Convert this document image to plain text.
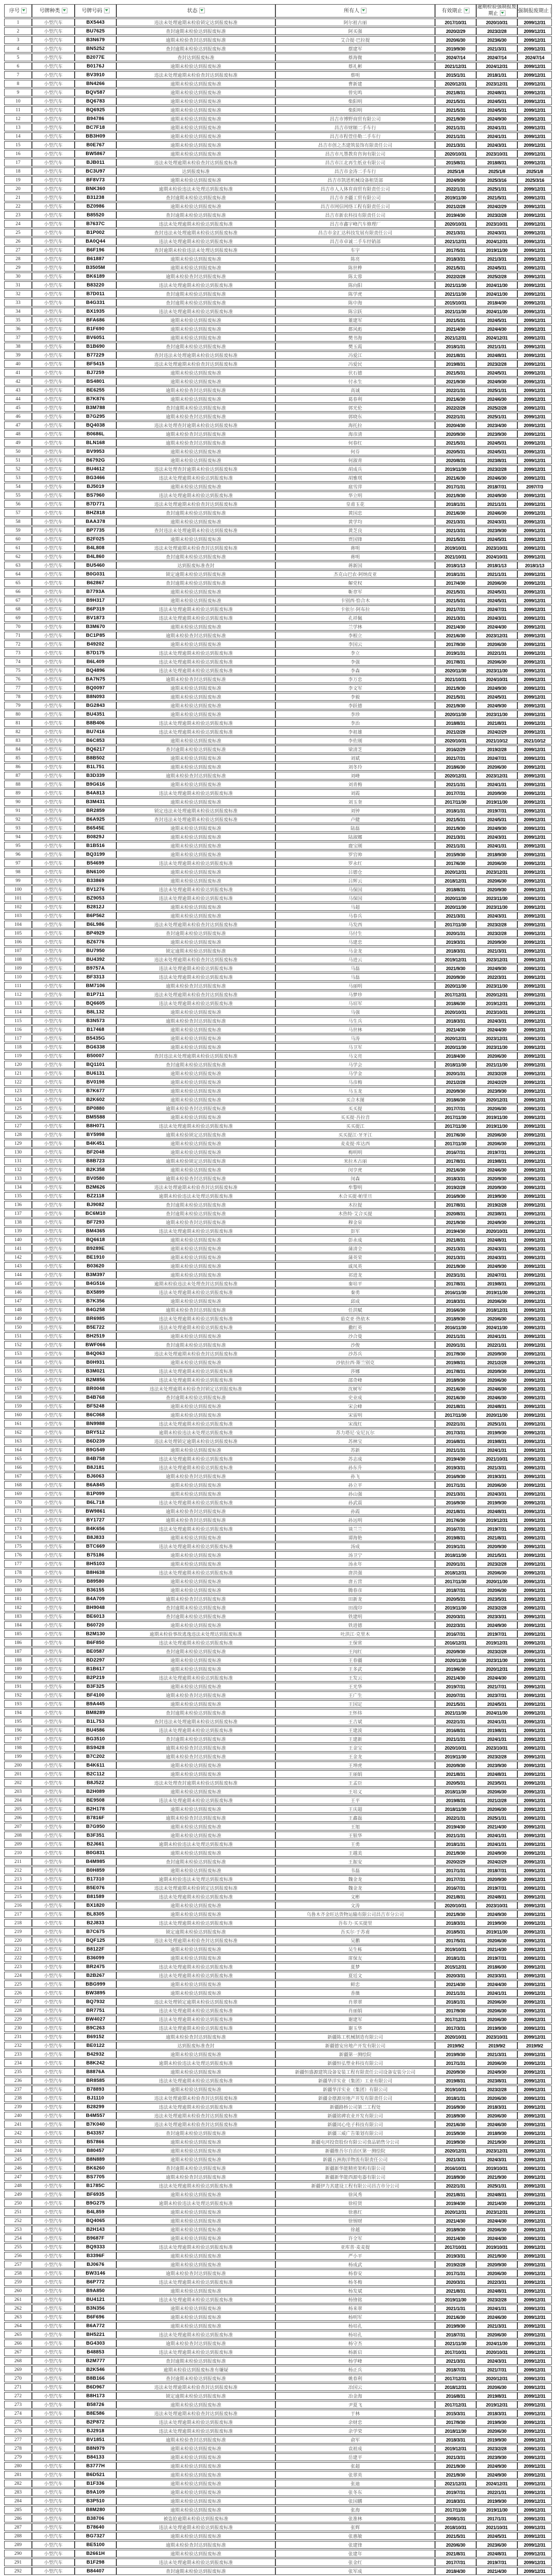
序号	号牌种类	号牌号码	状态	所有人	有效期止	逾期检验强制报废期止	强制报废期止
1	小型汽车	BX5443	违法未处理逾期未检验锁定达到报废标准	阿尔祖古丽	2017/10/31	2020/10/31	2099/12/31
2	小型汽车	BU7625	查封逾期未检验达到报废标准	阿买强	2020/2/29	2023/2/28	2099/12/31
3	小型汽车	B3N679	逾期未检验查封达到报废标准	艾合提·巴拉提	2020/6/30	2023/6/30	2099/12/31
4	小型汽车	BN5252	查封逾期未检验达到报废标准	摆建军	2019/9/30	2021/3/31	2099/12/31
5	小型汽车	B2077E	查封达到报废标准	蔡海微	2024/7/14	2024/7/14	2024/7/14
6	小型汽车	B0176J	逾期未检验达到报废标准	蔡礼彬	2021/12/31	2024/12/31	2099/12/31
7	小型汽车	BV3910	违法未处理逾期未检验查封达到报废标准	蔡明	2015/1/31	2018/1/31	2099/12/31
8	小型汽车	BN4266	逾期未检验达到报废标准	曹新建	2020/12/31	2023/12/31	2099/12/31
9	小型汽车	BQV587	逾期未检验达到报废标准	曾宪鸣	2021/8/31	2024/8/31	2099/12/31
10	小型汽车	BQ6783	逾期未检验达到报废标准	柴阳明	2021/5/31	2024/5/31	2099/12/31
11	小型汽车	BQ6925	逾期未检验达到报废标准	柴阳明	2021/5/31	2024/5/31	2099/12/31
12	小型汽车	B94786	逾期未检验达到报废标准	昌吉市博野商贸有限公司	2021/9/30	2024/9/30	2099/12/31
13	小型汽车	BC7F18	逾期未检验达到报废标准	昌吉市财顺二手车行	2021/1/31	2024/1/31	2099/12/31
14	小型汽车	BB3H09	逾期未检验达到报废标准	昌吉市程萱佳勒二手车行	2021/1/31	2024/1/31	2099/12/31
15	小型汽车	B0E767	逾期未检验达到报废标准	昌吉市创之杰建筑装饰有限责任公司	2021/3/31	2024/3/31	2099/12/31
16	小型汽车	BW5867	逾期未检验达到报废标准	昌吉市凡墨教育咨询有限公司	2020/10/31	2023/10/31	2099/12/31
17	小型汽车	BJB011	违法未处理逾期未检验查封达到报废标准	昌吉市江北再生纸业有限公司	2015/8/31	2018/8/31	2099/12/31
18	小型汽车	BC3U97	达到报废标准	昌吉市金涛二手车行	2025/1/8	2025/1/8	2025/1/8
19	小型汽车	BF8V73	逾期未检验达到报废标准	昌吉市凯恩机械设备租赁部	2024/9/30	2025/3/16	2025/3/16
20	小型汽车	BNK360	逾期未检验违法未处理达到报废标准	昌吉市人人体育商贸有限责任公司	2022/1/31	2025/1/31	2099/12/31
21	小型汽车	B31238	查封逾期未检验达到报废标准	昌吉市圣疆工贸有限公司	2019/11/30	2021/5/31	2099/12/31
22	小型汽车	BZ0986	逾期未检验达到报废标准	昌吉市网信网络工程有限责任公司	2021/2/28	2024/2/29	2099/12/31
23	小型汽车	B85520	查封逾期未检验达到报废标准	昌吉市新农科技有限责任公司	2019/4/30	2023/2/28	2099/12/31
24	小型汽车	B7637C	违法未处理逾期未检验达到报废标准	昌吉市鑫宇峰汽车修理厂	2020/10/31	2023/10/31	2099/12/31
25	小型汽车	B1P002	查封违法未处理逾期未检验达到报废标准	昌吉市金汇达科技发展有限责任公司	2021/3/31	2024/3/31	2099/12/31
26	小型汽车	BA0Q44	违法未处理逾期未检验达到报废标准	昌吉市卓诚二手车经销部	2021/12/31	2024/12/31	2099/12/31
27	小型汽车	B6F196	查封逾期未检验违法未处理达到报废标准	车宇	2017/5/31	2019/11/30	2099/12/31
28	小型汽车	B61887	逾期未检验达到报废标准	陈亮	2018/3/31	2021/3/31	2099/12/31
29	小型汽车	B3505M	逾期未检验达到报废标准	陈世桦	2021/5/31	2024/5/31	2099/12/31
30	小型汽车	BK6189	逾期未检验查封达到报废标准	陈太蓉	2022/2/28	2025/2/28	2099/12/31
31	小型汽车	B83220	违法未处理逾期未检验达到报废标准	陈向阳	2021/11/30	2024/11/30	2099/12/31
32	小型汽车	B7D011	查封逾期未检验达到报废标准	陈学虎	2021/11/30	2024/11/30	2099/12/31
33	小型汽车	B4G331	查封逾期未检验达到报废标准	陈中海	2015/10/31	2018/4/30	2099/12/31
34	小型汽车	BX1935	违法未处理逾期未检验达到报废标准	陈宗跃	2021/11/30	2024/11/30	2099/12/31
35	小型汽车	BFA686	逾期未检验达到报废标准	董建军	2021/5/31	2024/5/31	2099/12/31
36	小型汽车	B1F690	逾期未检验达到报废标准	都风彪	2021/4/30	2024/4/30	2099/12/31
37	小型汽车	BV6051	逾期未检验达到报废标准	樊书海	2021/12/31	2024/12/31	2099/12/31
38	小型汽车	B1B690	查封逾期未检验达到报废标准	樊玉霞	2018/1/31	2021/1/31	2099/12/31
39	小型汽车	B77229	查封违法未处理逾期未检验达到报废标准	冯爱江	2021/8/31	2024/8/31	2099/12/31
40	小型汽车	BF5415	违法未处理逾期未检验查封达到报废标准	冯爱民	2019/8/31	2023/2/28	2099/12/31
41	小型汽车	BJ7259	逾期未检验达到报废标准	伏石德	2021/5/31	2024/5/31	2099/12/31
42	小型汽车	BS4801	逾期未检验达到报废标准	付永生	2021/9/30	2024/9/30	2099/12/31
43	小型汽车	BE6255	逾期未检验查封达到报废标准	高诚	2022/1/31	2025/1/31	2099/12/31
44	小型汽车	B7K876	逾期未检验达到报废标准	葛春利	2021/6/30	2024/6/30	2099/12/31
45	小型汽车	B3M788	查封逾期未检验达到报废标准	郭光伦	2022/2/28	2025/2/28	2099/12/31
46	小型汽车	B7G295	逾期未检验查封达到报废标准	郭晓东	2022/1/31	2025/1/31	2099/12/31
47	小型汽车	BQ4038	违法未处理查封逾期未检验达到报废标准	海托拉	2020/4/30	2023/4/30	2099/12/31
48	小型汽车	B0686L	逾期未检验查封达到报废标准	海彦清	2020/9/30	2023/9/30	2099/12/31
49	小型汽车	BLN168	逾期未检验查封达到报废标准	何春红	2021/5/31	2024/5/31	2099/12/31
50	小型汽车	BV9953	逾期未检验达到报废标准	何芬	2020/5/31	2024/5/31	2099/12/31
51	小型汽车	B6792G	逾期未检验达到报废标准	何淑青	2020/8/31	2023/8/31	2099/12/31
52	小型汽车	BU4612	违法未处理查封逾期未检验达到报废标准	胡成兵	2019/11/30	2023/2/28	2099/12/31
53	小型汽车	BG3466	违法未处理逾期未检验达到报废标准	胡雅琪	2021/6/30	2024/6/30	2099/12/31
54	小型汽车	BJ5019	逾期未检验达到报废标准	扈雪萍	2017/1/31	2018/7/31	2097/7/3
55	小型汽车	BS7960	违法未处理逾期未检验达到报废标准	华立明	2021/9/30	2024/9/30	2099/12/31
56	小型汽车	B7D771	违法未处理逾期未检验查封达到报废标准	皇甫玉花	2018/1/31	2021/1/31	2099/12/31
57	小型汽车	BHZ818	查封逾期未检验达到报废标准	黄国忠	2021/6/30	2024/6/30	2099/12/31
58	小型汽车	BAA378	逾期未检验达到报废标准	黄学均	2021/3/31	2024/3/31	2099/12/31
59	小型汽车	BP7735	查封违法未处理逾期未检验达到报废标准	黄芝良	2021/3/31	2023/9/30	2099/12/31
60	小型汽车	B2F025	逾期未检验达到报废标准	贾国锋	2021/5/31	2024/5/31	2099/12/31
61	小型汽车	B4L808	违法未处理逾期未检验查封达到报废标准	蒋明	2019/10/31	2023/10/31	2099/12/31
62	小型汽车	B4L860	查封逾期未检验达到报废标准	蒋明	2021/10/31	2024/10/31	2099/12/31
63	小型汽车	BU5460	达到报废标准查封	蒋新国	2018/1/13	2018/1/13	2018/1/13
64	小型汽车	B0G031	锁定逾期未检验达到报废标准	杰克山巴农·阿纳皮亚	2018/1/31	2021/1/31	2099/12/31
65	小型汽车	B62867	查封逾期未检验达到报废标准	解党权	2017/4/30	2020/6/30	2099/12/31
66	小型汽车	B7793A	逾期未检验达到报废标准	靳章军	2021/5/31	2024/5/31	2099/12/31
67	小型汽车	B9H317	逾期未检验达到报废标准	卡别西·恰合木	2021/5/31	2024/5/31	2099/12/31
68	小型汽车	B6P319	违法未处理逾期未检验达到报废标准	卡依尔·阿布拉	2021/7/31	2024/7/31	2099/12/31
69	小型汽车	BV1873	违法未处理逾期未检验达到报废标准	孔祥佩	2021/3/31	2024/3/31	2099/12/31
70	小型汽车	B3M670	逾期未检验达到报废标准	兰学林	2021/4/30	2024/4/30	2099/12/31
71	小型汽车	BC1P85	逾期未检验查封达到报废标准	李根立	2021/6/30	2023/12/31	2099/12/31
72	小型汽车	B49202	逾期未检验达到报废标准	李国云	2017/9/30	2020/6/30	2099/12/31
73	小型汽车	B7D175	违法未处理逾期未检验达到报废标准	李立	2019/1/31	2022/1/31	2099/12/31
74	小型汽车	B6L409	违法未处理逾期未检验达到报废标准	李强	2017/8/31	2020/6/30	2099/12/31
75	小型汽车	BQ4896	违法未处理逾期未检验达到报废标准	李森	2020/11/30	2023/11/30	2099/12/31
76	小型汽车	BA7N75	逾期未检验查封达到报废标准	李万忠	2021/10/31	2024/10/31	2099/12/31
77	小型汽车	BQ0097	逾期未检验达到报废标准	李文军	2021/9/30	2024/9/30	2099/12/31
78	小型汽车	B8N093	逾期未检验达到报废标准	李毅	2021/5/31	2024/5/31	2099/12/31
79	小型汽车	BG2843	逾期未检验达到报废标准	李跃德	2021/9/30	2024/9/30	2099/12/31
80	小型汽车	BU4351	逾期未检验达到报废标准	李珍	2020/11/30	2023/11/30	2099/12/31
81	小型汽车	B8B406	违法未处理逾期未检验达到报废标准	李治	2018/8/31	2021/8/31	2099/12/31
82	小型汽车	BU7416	违法未处理逾期未检验达到报废标准	李祖雄	2021/2/28	2024/2/29	2099/12/31
83	小型汽车	B6C853	逾期未检验达到报废标准	李佐刚	2020/10/31	2021/10/12	2021/10/12
84	小型汽车	BQ6217	查封逾期未检验达到报废标准	梁清芝	2016/2/29	2019/2/28	2099/12/31
85	小型汽车	B8B502	逾期未检验达到报废标准	刘斌	2021/7/31	2024/7/31	2099/12/31
86	小型汽车	B1L751	逾期未检验达到报废标准	刘冬玲	2018/6/30	2020/6/30	2099/12/31
87	小型汽车	B3D339	逾期未检验查封达到报废标准	刘峰	2020/12/31	2023/12/31	2099/12/31
88	小型汽车	B9G616	逾期未检验达到报废标准	刘青梅	2021/1/31	2024/1/31	2099/12/31
89	小型汽车	B4A813	违法未处理逾期未检验达到报废标准	刘霞	2017/7/31	2020/9/30	2099/12/31
90	小型汽车	B3M431	逾期未检验达到报废标准	刘玉奎	2017/11/30	2019/11/30	2099/12/31
91	小型汽车	BR2859	锁定违法未处理逾期未检验达到报废标准	刘钟	2018/1/31	2019/7/31	2099/12/31
92	小型汽车	B6A925	查封违法未处理逾期未检验达到报废标准	卢健	2021/5/31	2024/5/31	2099/12/31
93	小型汽车	B6545E	逾期未检验达到报废标准	陆磊	2021/9/30	2024/9/30	2099/12/31
94	小型汽车	B0829J	逾期未检验达到报废标准	陆淑娜	2021/3/31	2024/3/31	2099/12/31
95	小型汽车	B1B516	逾期未检验达到报废标准	鹿宝刚	2021/1/31	2024/1/31	2099/12/31
96	小型汽车	BQ3199	逾期未检验达到报废标准	罗官帅	2015/9/30	2018/9/30	2099/12/31
97	小型汽车	B54699	违法未处理逾期未检验达到报废标准	罗永红	2017/6/30	2020/6/30	2099/12/31
98	小型汽车	BN6100	逾期未检验达到报废标准	吕德仓	2020/12/31	2023/12/31	2099/12/31
99	小型汽车	B33869	逾期未检验达到报废标准	吕辉云	2018/12/31	2020/6/30	2099/12/31
100	小型汽车	BV1276	违法未处理逾期未检验达到报废标准	马保国	2018/8/31	2020/9/30	2099/12/31
101	小型汽车	BZ9053	违法未处理逾期未检验达到报废标准	马保国	2020/11/30	2023/11/30	2099/12/31
102	小型汽车	B2812J	逾期未检验达到报废标准	马超	2020/11/30	2023/11/30	2099/12/31
103	小型汽车	B6P562	逾期未检验达到报废标准	马春兵	2021/3/31	2024/3/31	2099/12/31
104	小型汽车	B6L986	违法未处理逾期未检验查封达到报废标准	马发西	2017/11/30	2023/2/28	2099/12/31
105	小型汽车	BP4929	查封逾期未检验达到报废标准	马付生	2020/1/31	2023/2/28	2099/12/31
106	小型汽车	BZ6776	逾期未检验达到报废标准	马建忠	2019/3/31	2020/9/30	2099/12/31
107	小型汽车	BU7950	锁定逾期未检验达到报废标准	马金龙	2018/3/31	2021/3/31	2099/12/31
108	小型汽车	BU4392	违法未处理逾期未检验查封达到报废标准	马进云	2019/12/31	2023/12/31	2099/12/31
109	小型汽车	B9757A	违法未处理逾期未检验达到报废标准	马磊	2021/9/30	2024/9/30	2099/12/31
110	小型汽车	BF3313	违法未处理逾期未检验达到报废标准	马磊	2020/9/30	2022/3/31	2099/12/31
111	小型汽车	BM7106	逾期未检验查封达到报废标准	马丽明	2020/11/30	2023/11/30	2099/12/31
112	小型汽车	B1P711	违法未处理逾期未检验查封达到报废标准	马梦珍	2017/12/31	2020/12/31	2099/12/31
113	小型汽车	BQ6605	违法未处理逾期未检验达到报废标准	马培军	2018/6/30	2019/12/31	2099/12/31
114	小型汽车	B8L132	逾期未检验达到报废标准	马强	2020/10/31	2023/10/31	2099/12/31
115	小型汽车	B3N573	逾期未检验查封达到报废标准	马生兵	2018/3/31	2024/3/31	2099/12/31
116	小型汽车	B17468	逾期未检验达到报废标准	马世林	2021/4/30	2024/4/30	2099/12/31
117	小型汽车	B5435G	逾期未检验达到报废标准	马涛	2020/12/31	2023/12/31	2099/12/31
118	小型汽车	BG6338	逾期未检验达到报废标准	马卫军	2020/11/30	2023/11/30	2099/12/31
119	小型汽车	B50007	查封违法未处理逾期未检验达到报废标准	马文亮	2018/4/30	2020/6/30	2099/12/31
120	小型汽车	BQ1101	查封逾期未检验达到报废标准	马学会	2018/11/30	2021/11/30	2099/12/31
121	小型汽车	BU6131	逾期未检验达到报废标准	马学金	2020/1/31	2023/2/28	2099/12/31
122	小型汽车	BV0198	逾期未检验达到报废标准	马彦梅	2021/2/28	2024/2/29	2099/12/31
123	小型汽车	B7K677	逾期未检验达到报废标准	马玉龙	2020/9/30	2023/9/30	2099/12/31
124	小型汽车	B2K602	逾期未检验达到报废标准	买合木图	2018/6/30	2020/12/31	2099/12/31
125	小型汽车	BP0880	逾期未检验查封达到报废标准	买买提	2017/7/31	2020/6/30	2099/12/31
126	小型汽车	BM5588	逾期未检验达到报废标准	买买提·吾拉音	2017/11/30	2019/11/30	2099/12/31
127	小型汽车	B8H071	违法未处理逾期未检验达到报废标准	买买提江	2017/11/30	2019/11/30	2099/12/31
128	小型汽车	BY5998	逾期未检验锁定达到报废标准	买买提江·牙牙江	2017/6/30	2020/6/30	2099/12/31
129	小型汽车	B4K451	逾期未检验达到报废标准	麦麦提·库达西	2017/11/30	2020/6/30	2099/12/31
130	小型汽车	BF2048	逾期未检验达到报废标准	梅明明	2016/7/31	2019/7/31	2099/12/31
131	小型汽车	B8B723	逾期未检验锁定达到报废标准	米拉木古丽	2017/8/31	2019/8/31	2099/12/31
132	小型汽车	B2K358	逾期未检验达到报废标准	闵亨虎	2021/6/30	2024/6/30	2099/12/31
133	小型汽车	BV0580	逾期未检验查封达到报废标准	闵森	2018/3/31	2020/9/30	2099/12/31
134	小型汽车	B2M626	违法未处理逾期未检验查封达到报废标准	牟黎明	2019/2/28	2020/9/30	2099/12/31
135	小型汽车	BZ2118	逾期未检验违法未处理达到报废标准	木合买提·帕里旦	2016/9/30	2019/9/30	2099/12/31
136	小型汽车	BJ9082	查封逾期未检验达到报废标准	木拉提	2017/8/31	2019/2/28	2099/12/31
137	小型汽车	BC6M10	查封逾期未检验达到报废标准	木热特·艾合买提	2020/8/31	2023/8/31	2099/12/31
138	小型汽车	BF7293	逾期未检验查封达到报废标准	穆金泉	2021/9/30	2024/9/30	2099/12/31
139	小型汽车	BM4365	违法未处理逾期未检验达到报废标准	彭军	2019/4/30	2020/10/31	2099/12/31
140	小型汽车	BQ6618	逾期未检验达到报废标准	彭永成	2021/8/31	2024/8/31	2099/12/31
141	小型汽车	B9289E	逾期未检验达到报废标准	蒲清全	2021/3/31	2024/3/31	2099/12/31
142	小型汽车	BE1910	逾期未检验达到报废标准	蒲英荣	2021/3/31	2024/3/31	2099/12/31
143	小型汽车	B03620	逾期未检验达到报废标准	戚凤英	2021/9/30	2024/9/30	2099/12/31
144	小型汽车	B3M397	逾期未检验达到报废标准	祁进龙	2023/1/31	2024/7/31	2099/12/31
145	小型汽车	B4G516	逾期未检验违法未处理查封达到报废标准	秦培平	2017/8/31	2019/8/31	2099/12/31
146	小型汽车	BX5899	违法未处理逾期未检验达到报废标准	秦勇	2016/11/30	2019/11/30	2099/12/31
147	小型汽车	B7K356	逾期未检验达到报废标准	邱成	2018/3/31	2020/6/30	2099/12/31
148	小型汽车	B4G258	逾期未检验查封达到报废标准	任洪赋	2016/6/30	2018/12/31	2099/12/31
149	小型汽车	BR6985	违法未处理逾期未检验达到报废标准	茹克亚·热依木	2018/9/30	2020/6/30	2099/12/31
150	小型汽车	B5E722	违法未处理逾期未检验达到报废标准	撒红英	2016/11/30	2024/11/30	2099/12/31
151	小型汽车	BH2519	逾期未检验达到报废标准	沙合曼	2021/1/31	2024/1/31	2099/12/31
152	小型汽车	BWF066	查封逾期未检验达到报废标准	沙俊	2020/1/31	2022/1/31	2099/12/31
153	小型汽车	B4Q063	违法未处理逾期未检验查封达到报废标准	沙苏兵	2017/9/30	2020/9/30	2099/12/31
154	小型汽车	B0H931	逾期未检验达到报废标准	沙依拉西·斯兰别克	2019/8/31	2021/2/28	2099/12/31
155	小型汽车	B3M021	违法未处理逾期未检验达到报废标准	莎娜	2017/8/31	2020/9/30	2099/12/31
156	小型汽车	B2M856	违法未处理逾期未检验达到报废标准	邵奇峰	2018/9/30	2020/6/30	2099/12/31
157	小型汽车	BR0048	违法未处理逾期未检验查封锁定达到报废标准	沈树军	2021/6/30	2024/6/30	2099/12/31
158	小型汽车	B4B768	查封逾期未检验达到报废标准	史业成	2021/6/30	2024/6/30	2099/12/31
159	小型汽车	BF5248	逾期未检验达到报废标准	宋会峰	2021/8/31	2024/8/31	2099/12/31
160	小型汽车	B6C068	逾期未检验达到报废标准	宋雷明	2017/11/30	2020/11/30	2099/12/31
161	小型汽车	BN9988	违法未处理逾期未检验达到报废标准	宋战红	2022/1/31	2025/1/31	2099/12/31
162	小型汽车	BRY512	逾期未检验违法未处理达到报废标准	苏力塔尼·安尼瓦尔	2017/3/31	2019/9/30	2099/12/31
163	小型汽车	B6D239	违法未处理锁定逾期未检验达到报废标准	苏林宝	2016/8/31	2019/8/31	2099/12/31
164	小型汽车	B9G549	逾期未检验达到报废标准	苏新	2021/1/31	2024/1/31	2099/12/31
165	小型汽车	B4B758	违法未处理逾期未检验达到报废标准	苏志成	2019/4/30	2021/10/31	2099/12/31
166	小型汽车	B8J181	违法未处理逾期未检验达到报废标准	孙东升	2019/3/31	2021/3/31	2099/12/31
167	小型汽车	BJ6063	逾期未检验查封达到报废标准	孙飞	2016/9/30	2019/3/31	2099/12/31
168	小型汽车	B6A845	逾期未检验达到报废标准	孙立平	2017/1/31	2020/6/30	2099/12/31
169	小型汽车	B1P099	逾期未检验达到报废标准	孙山强	2021/3/31	2024/3/31	2099/12/31
170	小型汽车	B6L718	违法未处理逾期未检验达到报废标准	孙武震	2016/9/30	2019/9/30	2099/12/31
171	小型汽车	BW9861	逾期未检验查封达到报废标准	孙霞	2021/8/31	2024/8/31	2099/12/31
172	小型汽车	BY1727	逾期未检验查封达到报废标准	孙远明	2017/6/30	2019/12/31	2099/12/31
173	小型汽车	B4K656	违法未处理逾期未检验达到报废标准	谈兰兰	2016/7/31	2019/7/31	2099/12/31
174	小型汽车	B8J833	逾期未检验达到报废标准	谭海艳	2019/8/31	2021/8/31	2099/12/31
175	小型汽车	BTC669	违法未处理逾期未检验达到报废标准	汤成	2019/1/31	2020/9/30	2099/12/31
176	小型汽车	B75186	逾期未检验达到报废标准	汤卫宁	2018/11/30	2021/5/31	2099/12/31
177	小型汽车	BH5103	逾期未检验达到报废标准	汤永年	2020/1/31	2023/2/28	2099/12/31
178	小型汽车	B8H638	违法未处理逾期未检验达到报废标准	唐洪强	2018/12/31	2020/6/30	2099/12/31
179	小型汽车	B89580	逾期未检验达到报废标准	唐五营	2017/11/30	2020/11/30	2099/12/31
180	小型汽车	B36155	逾期未检验达到报废标准	腾春彦	2018/7/31	2020/6/30	2099/12/31
181	小型汽车	B4A709	逾期未检验查封达到报废标准	田新龙	2020/5/31	2023/5/31	2099/12/31
182	小型汽车	BH9048	查封逾期未检验达到报废标准	田战印	2019/11/30	2023/2/28	2099/12/31
183	小型汽车	BE6013	查封逾期未检验达到报废标准	铁建明	2020/3/31	2023/3/31	2099/12/31
184	小型汽车	B60720	逾期未检验达到报废标准	铁进德	2022/3/31	2024/9/30	2099/12/31
185	小型汽车	B2M130	逾期未检验事故逃逸违法未处理达到报废标准	吐洪江·克里木	2016/7/31	2019/7/31	2099/12/31
186	小型汽车	B6F850	违法未处理逾期未检验达到报废标准	王保常	2016/12/31	2019/12/31	2099/12/31
187	小型汽车	BE0587	查封逾期未检验达到报废标准	王闯红	2020/9/30	2023/2/28	2099/12/31
188	小型汽车	BD2297	逾期未检验达到报废标准	王春疆	2020/11/30	2023/11/30	2099/12/31
189	小型汽车	B1B617	逾期未检验达到报废标准	王多武	2019/6/30	2020/12/31	2099/12/31
190	小型汽车	B2P219	违法未处理逾期未检验达到报废标准	王发云	2021/4/30	2024/4/30	2099/12/31
191	小型汽车	B3F325	逾期未检验达到报废标准	王光华	2019/7/31	2021/7/31	2099/12/31
192	小型汽车	BF4100	逾期未检验查封达到报废标准	王广生	2020/7/31	2023/7/31	2099/12/31
193	小型汽车	B9A445	逾期未检验达到报废标准	王国定	2021/5/31	2024/5/31	2099/12/31
194	小型汽车	BM8289	查封逾期未检验达到报废标准	王怀炜	2021/11/30	2024/11/30	2099/12/31
195	小型汽车	B1L753	查封违法未处理逾期未检验达到报废标准	王吉斌	2022/1/31	2024/1/31	2099/12/31
196	小型汽车	BU4586	违法未处理逾期未检验达到报废标准	王建波	2016/8/31	2019/8/31	2099/12/31
197	小型汽车	BG3510	查封逾期未检验达到报废标准	王建新	2021/1/31	2024/1/31	2099/12/31
198	小型汽车	BS9428	逾期未检验查封达到报废标准	王金宝	2020/10/31	2023/10/31	2099/12/31
199	小型汽车	B7C202	逾期未检验查封达到报废标准	王金龙	2019/11/30	2023/2/28	2099/12/31
200	小型汽车	B4K611	逾期未检验达到报废标准	王坤虎	2020/9/30	2023/9/30	2099/12/31
201	小型汽车	B2C112	逾期未检验达到报废标准	王丽娟	2021/8/31	2024/8/31	2099/12/31
202	小型汽车	B8J522	违法未处理查封逾期未检验达到报废标准	王孟臣	2020/5/31	2023/5/31	2099/12/31
203	小型汽车	B2H089	逾期未检验达到报废标准	王培义	2018/11/30	2020/6/30	2099/12/31
204	小型汽车	BE9508	违法未处理逾期未检验达到报废标准	王平	2019/8/31	2021/2/28	2099/12/31
205	小型汽车	B2H178	逾期未检验达到报废标准	王庆超	2018/11/30	2020/6/30	2099/12/31
206	小型汽车	B7816F	逾期未检验查封达到报废标准	王鑫磊	2022/1/31	2025/1/31	2099/12/31
207	小型汽车	B7G950	逾期未检验达到报废标准	王旭	2019/4/30	2021/4/30	2099/12/31
208	小型汽车	B3F351	逾期未检验达到报废标准	王银华	2021/1/31	2024/1/31	2099/12/31
209	小型汽车	B2J661	逾期未检验违法未处理达到报废标准	王勇	2018/1/31	2024/1/31	2099/12/31
210	小型汽车	B0G831	逾期未检验达到报废标准	王越美	2021/9/30	2024/9/30	2099/12/31
211	小型汽车	B4M985	查封逾期未检验达到报废标准	王振安	2020/2/29	2024/2/29	2099/12/31
212	小型汽车	B0H859	逾期未检验达到报废标准	韦磊	2017/1/31	2018/7/31	2099/12/31
213	小型汽车	B17310	逾期未检验违法未处理达到报废标准	魏金龙	2017/7/31	2020/9/30	2099/12/31
214	小型汽车	B5E076	违法未处理逾期未检验锁定达到报废标准	魏金龙	2016/7/31	2019/7/31	2099/12/31
215	小型汽车	B81589	违法未处理逾期未检验达到报废标准	文彬	2021/8/31	2024/8/31	2099/12/31
216	小型汽车	BX1820	逾期未检验达到报废标准	文涛	2020/10/31	2023/10/31	2099/12/31
217	小型汽车	BL8305	逾期未检验达到报废标准	乌鲁木齐金旺达货物运输有限公司昌吉市分公司	2021/9/30	2024/9/30	2099/12/31
218	小型汽车	B2J833	违法未处理逾期未检验达到报废标准	吾布力·买买提里	2018/3/31	2019/9/30	2099/12/31
219	小型汽车	B7C675	锁定逾期未检验达到报废标准	吾买尔·于苏甫	2018/5/31	2019/11/30	2099/12/31
220	小型汽车	BQF125	违法未处理逾期未检验查封达到报废标准	吴鹏	2017/5/31	2020/6/30	2099/12/31
221	小型汽车	B8122F	逾期未检验达到报废标准	吴生栋	2019/10/31	2021/4/30	2099/12/31
222	小型汽车	B36099	逾期未检验达到报废标准	席保友	2018/1/31	2019/7/31	2099/12/31
223	小型汽车	BR2475	违法未处理逾期未检验达到报废标准	夏梦	2015/12/31	2018/6/30	2099/12/31
224	小型汽车	B2B267	违法未处理逾期未检验达到报废标准	夏廷文	2020/3/31	2023/3/31	2099/12/31
225	小型汽车	BBG999	逾期未检验达到报废标准	鲜忠	2021/4/30	2024/4/30	2099/12/31
226	小型汽车	BW3895	逾期未检验达到报废标准	香薇	2021/1/31	2024/1/31	2099/12/31
227	小型汽车	BQ7932	违法未处理锁定逾期未检验达到报废标准	肖翠翠	2018/1/31	2020/6/30	2099/12/31
228	小型汽车	BR7751	违法未处理逾期未检验达到报废标准	肖丽娟	2017/9/30	2020/6/30	2099/12/31
229	小型汽车	BW4027	违法未处理逾期未检验达到报废标准	谢建军	2017/12/31	2020/6/30	2099/12/31
230	小型汽车	B9C263	违法未处理逾期未检验达到报废标准	谢玉华	2017/3/31	2019/9/30	2099/12/31
231	小型汽车	B69152	逾期未检验查封达到报废标准	新疆陈工机械制造有限公司	2020/10/31	2023/10/31	2099/12/31
232	小型汽车	BE0122	达到报废标准查封	新疆德安房地产开发有限公司	2019/9/2	2019/9/2	2019/9/2
233	小型汽车	B42932	逾期未检验达到报废标准	新疆第一测绘院	2019/9/30	2021/3/31	2099/12/31
234	小型汽车	B8K242	逾期未检验违法未处理达到报废标准	新疆恒弘塑业科技有限公司	2017/1/31	2020/6/30	2099/12/31
235	小型汽车	B8876A	逾期未检验达到报废标准	新疆恒盛源建筑设备安装工程有限责任公司设备安装分公司	2020/9/30	2024/9/30	2099/12/31
236	小型汽车	BR8585	违法未处理逾期未检验达到报废标准	新疆华洋实业（集团）工业有限公司	2019/8/31	2023/8/31	2099/12/31
237	小型汽车	B78893	逾期未检验达到报废标准	新疆华洋实业（集团）有限公司	2019/10/31	2023/2/28	2099/12/31
238	小型汽车	BJ1110	违法未处理逾期未检验查封达到报废标准	新疆金德源房地产开发有限责任公司	2018/1/31	2020/6/30	2099/12/31
239	小型汽车	B28299	违法未处理逾期未检验达到报废标准	新疆路桥公司第二工程处	2016/9/30	2018/3/31	2099/12/31
240	小型汽车	B4M557	违法未处理逾期未检验查封达到报废标准	新疆铭碑农业开发有限公司	2018/9/30	2020/6/30	2099/12/31
241	小型汽车	B7K040	违法未处理逾期未检验查封达到报废标准	新疆闰心电子科技有限公司	2021/6/30	2024/6/30	2099/12/31
242	小型汽车	B43357	查封逾期未检验达到报废标准	新疆三威广告策划有限公司	2015/9/30	2018/9/30	2099/12/31
243	小型汽车	B57866	逾期未检验达到报废标准	新疆屯河投资股份有限公司食品销售分公司	2019/9/30	2021/9/30	2099/12/31
244	小型汽车	B80457	逾期未检验达到报废标准	新疆维吾尔自治区第一测绘院	2020/12/31	2023/12/31	2099/12/31
245	小型汽车	B8N889	逾期未检验达到报废标准	新疆五洲海洋物流有限责任公司	2021/3/31	2024/3/31	2099/12/31
246	小型汽车	BK6260	查封逾期未检验达到报废标准	新疆新华能精密架构有限公司	2016/10/31	2019/10/31	2099/12/31
247	小型汽车	BS7705	逾期未检验查封达到报废标准	新疆新华能西源电器有限公司	2018/9/30	2021/9/30	2099/12/31
248	小型汽车	B1785C	违法未处理逾期未检验达到报废标准	新疆伊力其建设工程有限公司昌吉市分公司	2022/1/31	2025/1/31	2099/12/31
249	小型汽车	BF6935	逾期未检验达到报废标准	徐风秀	2021/8/31	2024/8/31	2099/12/31
250	小型汽车	B9G275	逾期未检验违法未处理达到报废标准	徐桂贤	2019/4/30	2021/4/30	2099/12/31
251	小型汽车	B4L859	逾期未检验达到报废标准	徐惠红	2020/12/31	2023/12/31	2099/12/31
252	小型汽车	BQ4065	逾期未检验达到报废标准	徐锡财	2021/4/30	2024/4/30	2099/12/31
253	小型汽车	B2H143	逾期未检验达到报废标准	徐越	2018/9/30	2020/6/30	2099/12/31
254	小型汽车	B9687F	逾期未检验达到报废标准	许全军	2021/4/30	2024/4/30	2099/12/31
255	小型汽车	BQ9333	违法未处理逾期未检验达到报废标准	亚库普·麦麦提	2017/10/31	2019/10/31	2099/12/31
256	小型汽车	B3396F	逾期未检验达到报废标准	严小平	2019/3/31	2021/9/30	2099/12/31
257	小型汽车	BJ0676	逾期未检验达到报废标准	杨成武	2019/2/28	2020/9/30	2099/12/31
258	小型汽车	BW3146	逾期未检验查封达到报废标准	杨春安	2017/1/31	2020/6/30	2099/12/31
259	小型汽车	B6P772	违法未处理逾期未检验达到报废标准	杨冬梅	2020/3/31	2022/3/31	2099/12/31
260	小型汽车	B9A850	逾期未检验达到报废标准	杨发斌	2021/8/31	2024/8/31	2099/12/31
261	小型汽车	BU4121	违法未处理逾期未检验达到报废标准	杨锋铭	2019/11/30	2023/2/28	2099/12/31
262	小型汽车	B3N356	逾期未检验达到报废标准	杨来翠	2021/1/31	2024/1/31	2099/12/31
263	小型汽车	B6F696	逾期未检验达到报废标准	杨明军	2021/6/30	2024/6/30	2099/12/31
264	小型汽车	B6A772	逾期未检验达到报废标准	杨培孔	2019/9/30	2021/3/31	2099/12/31
265	小型汽车	BH5221	违法未处理逾期未检验达到报废标准	杨培孔	2018/7/31	2020/6/30	2099/12/31
266	小型汽车	BG4303	逾期未检验查封达到报废标准	杨守杰	2021/11/30	2024/11/30	2099/12/31
267	小型汽车	B48853	违法未处理逾期未检验达到报废标准	杨新启	2017/10/31	2020/10/31	2099/12/31
268	小型汽车	B2M777	查封逾期未检验达到报废标准	杨学峰	2021/3/31	2024/3/31	2099/12/31
269	小型汽车	B2K546	逾期未检验达到报废标准有嫌疑	杨正兵	2018/7/31	2021/7/31	2099/12/31
270	小型汽车	B8B166	查封逾期未检验达到报废标准	姚春利	2017/12/31	2020/12/31	2099/12/31
271	小型汽车	B6D967	违法未处理逾期未检验查封达到报废标准	冶国云	2018/12/31	2020/6/30	2099/12/31
272	小型汽车	B8H173	锁定逾期未检验达到报废标准	冶金海	2016/8/31	2019/8/31	2099/12/31
273	小型汽车	B58726	逾期未检验达到报废标准	尹夏飞	2017/12/31	2019/12/31	2099/12/31
274	小型汽车	B8E586	违法未处理逾期未检验查封达到报废标准	于林	2015/3/31	2018/3/31	2099/12/31
275	小型汽车	B2P872	违法未处理逾期未检验达到报废标准	余财忠	2017/9/30	2019/9/30	2099/12/31
276	小型汽车	BJ2918	违法未处理逾期未检验达到报废标准	余学荣	2018/11/30	2020/6/30	2099/12/31
277	小型汽车	BV1851	逾期未检验查封达到报废标准	俞军	2018/3/31	2019/9/30	2099/12/31
278	小型汽车	B8N979	逾期未检验达到报废标准	袁祖成	2019/12/31	2023/2/28	2099/12/31
279	小型汽车	B84133	逾期未检验达到报废标准	岳建平	2021/3/31	2023/9/30	2099/12/31
280	小型汽车	B3777H	逾期未检验达到报废标准	张超	2021/9/30	2024/9/30	2099/12/31
281	小型汽车	B6D521	逾期未检验达到报废标准	张翠英	2021/9/30	2024/9/30	2099/12/31
282	小型汽车	B1F336	逾期未检验达到报废标准	张迪	2021/12/31	2024/12/31	2099/12/31
283	小型汽车	B9A109	逾期未检验达到报废标准	张冬东	2019/7/31	2022/1/31	2099/12/31
284	小型汽车	B3P510	逾期未检验达到报废标准	张国鹏	2018/3/31	2019/9/30	2099/12/31
285	小型汽车	B8M280	逾期未检验达到报废标准	张海	2017/11/30	2019/11/30	2099/12/31
286	小型汽车	B38706	被盗抢逾期未检验达到报废标准	张淮林	2008/1/31	2017/1/31	2099/12/31
287	小型汽车	B78640	违法未处理逾期未检验达到报废标准	张辉	2018/10/31	2021/10/31	2099/12/31
288	小型汽车	BG7327	逾期未检验达到报废标准	张惠敏	2021/5/31	2024/5/31	2099/12/31
289	小型汽车	BE5100	逾期未检验查封达到报废标准	张建锋	2020/6/30	2023/6/30	2099/12/31
290	小型汽车	B2661H	逾期未检验达到报废标准	张建年	2021/8/31	2024/8/31	2099/12/31
291	小型汽车	B1F298	违法未处理逾期未检验达到报废标准	张金红	2017/7/31	2019/7/31	2099/12/31
292	小型汽车	B84407	查封逾期未检验达到报废标准	张军成	2018/4/30	2021/4/30	2099/12/31
